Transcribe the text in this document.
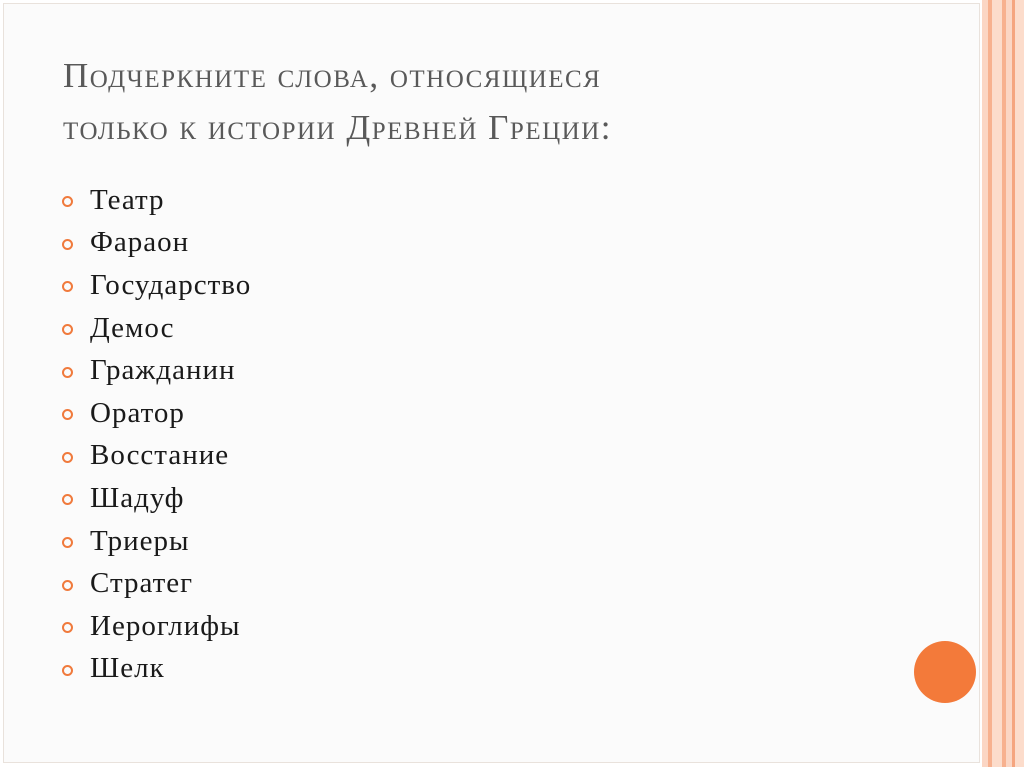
Подчеркните слова, относящиеся
только к истории Древней Греции:
Театр
Фараон
Государство
Демос
Гражданин
Оратор
Восстание
Шадуф
Триеры
Стратег
Иероглифы
Шелк
